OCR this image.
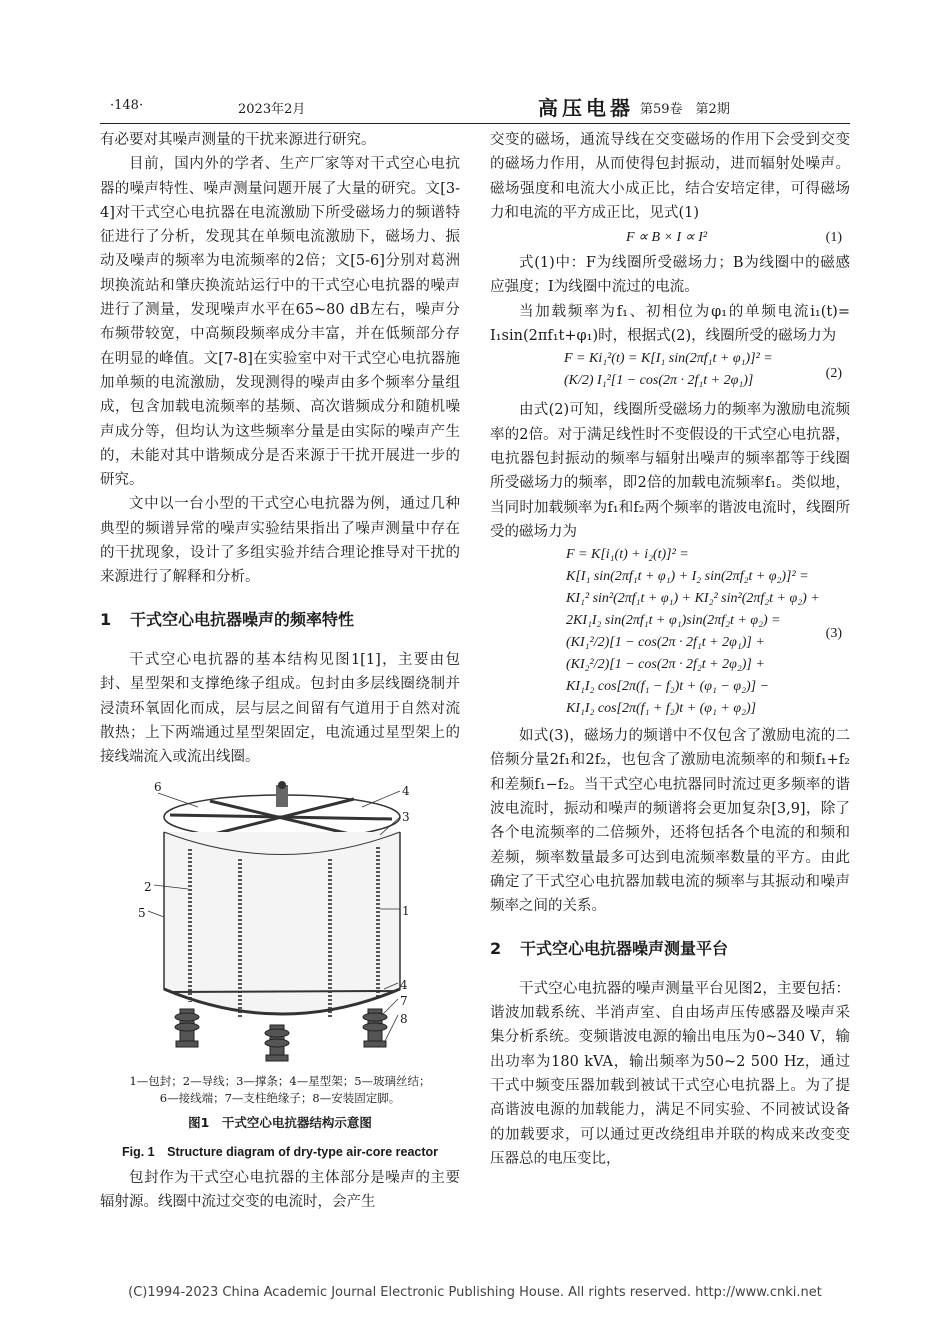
·148·	2023年2月	高压电器 第59卷　第2期

有必要对其噪声测量的干扰来源进行研究。

目前，国内外的学者、生产厂家等对干式空心电抗器的噪声特性、噪声测量问题开展了大量的研究。文[3-4]对干式空心电抗器在电流激励下所受磁场力的频谱特征进行了分析，发现其在单频电流激励下，磁场力、振动及噪声的频率为电流频率的2倍；文[5-6]分别对葛洲坝换流站和肇庆换流站运行中的干式空心电抗器的噪声进行了测量，发现噪声水平在65~80 dB左右，噪声分布频带较宽，中高频段频率成分丰富，并在低频部分存在明显的峰值。文[7-8]在实验室中对干式空心电抗器施加单频的电流激励，发现测得的噪声由多个频率分量组成，包含加载电流频率的基频、高次谐频成分和随机噪声成分等，但均认为这些频率分量是由实际的噪声产生的，未能对其中谐频成分是否来源于干扰开展进一步的研究。

文中以一台小型的干式空心电抗器为例，通过几种典型的频谱异常的噪声实验结果指出了噪声测量中存在的干扰现象，设计了多组实验并结合理论推导对干扰的来源进行了解释和分析。

1 干式空心电抗器噪声的频率特性

干式空心电抗器的基本结构见图1[1]，主要由包封、星型架和支撑绝缘子组成。包封由多层线圈绕制并浸渍环氧固化而成，层与层之间留有气道用于自然对流散热；上下两端通过星型架固定，电流通过星型架上的接线端流入或流出线圈。

6
2
5
4
3
1
4
7
8
1—包封；2—导线；3—撑条；4—星型架；5—玻璃丝结；
6—接线端；7—支柱绝缘子；8—安装固定脚。
图1　干式空心电抗器结构示意图
Fig. 1　Structure diagram of dry-type air-core reactor

包封作为干式空心电抗器的主体部分是噪声的主要辐射源。线圈中流过交变的电流时，会产生

交变的磁场，通流导线在交变磁场的作用下会受到交变的磁场力作用，从而使得包封振动，进而辐射处噪声。磁场强度和电流大小成正比，结合安培定律，可得磁场力和电流的平方成正比，见式(1)

F ∝ B × I ∝ I²	(1)

式(1)中：F为线圈所受磁场力；B为线圈中的磁感应强度；I为线圈中流过的电流。

当加载频率为f₁、初相位为φ₁的单频电流i₁(t)= I₁sin(2πf₁t+φ₁)时，根据式(2)，线圈所受的磁场力为

F = Ki₁²(t) = K[I₁ sin(2πf₁t + φ₁)]² =
(K/2) I₁²[1 − cos(2π · 2f₁t + 2φ₁)]	(2)

由式(2)可知，线圈所受磁场力的频率为激励电流频率的2倍。对于满足线性时不变假设的干式空心电抗器，电抗器包封振动的频率与辐射出噪声的频率都等于线圈所受磁场力的频率，即2倍的加载电流频率f₁。类似地，当同时加载频率为f₁和f₂两个频率的谐波电流时，线圈所受的磁场力为

F = K[i₁(t) + i₂(t)]² =
K[I₁ sin(2πf₁t + φ₁) + I₂ sin(2πf₂t + φ₂)]² =
KI₁² sin²(2πf₁t + φ₁) + KI₂² sin²(2πf₂t + φ₂) +
2KI₁I₂ sin(2πf₁t + φ₁)sin(2πf₂t + φ₂) =
(KI₁²/2)[1 − cos(2π · 2f₁t + 2φ₁)] +
(KI₂²/2)[1 − cos(2π · 2f₂t + 2φ₂)] +
KI₁I₂ cos[2π(f₁ − f₂)t + (φ₁ − φ₂)] −
KI₁I₂ cos[2π(f₁ + f₂)t + (φ₁ + φ₂)]
(3)

如式(3)，磁场力的频谱中不仅包含了激励电流的二倍频分量2f₁和2f₂，也包含了激励电流频率的和频f₁+f₂和差频f₁−f₂。当干式空心电抗器同时流过更多频率的谐波电流时，振动和噪声的频谱将会更加复杂[3,9]，除了各个电流频率的二倍频外，还将包括各个电流的和频和差频，频率数量最多可达到电流频率数量的平方。由此确定了干式空心电抗器加载电流的频率与其振动和噪声频率之间的关系。

2 干式空心电抗器噪声测量平台

干式空心电抗器的噪声测量平台见图2，主要包括：谐波加载系统、半消声室、自由场声压传感器及噪声采集分析系统。变频谐波电源的输出电压为0~340 V，输出功率为180 kVA，输出频率为50~2 500 Hz，通过干式中频变压器加载到被试干式空心电抗器上。为了提高谐波电源的加载能力，满足不同实验、不同被试设备的加载要求，可以通过更改绕组串并联的构成来改变变压器总的电压变比，

(C)1994-2023 China Academic Journal Electronic Publishing House. All rights reserved. http://www.cnki.net
